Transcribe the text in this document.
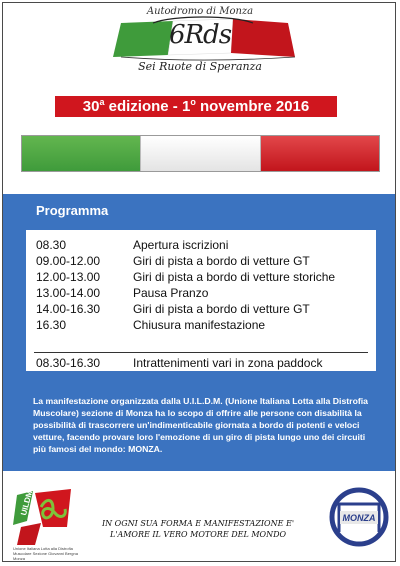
Autodromo di Monza
6Rds
Sei Ruote di Speranza
30$^a$ edizione - 1$^o$ novembre 2016
Programma
08.30	Apertura iscrizioni
09.00-12.00	Giri di pista a bordo di vetture GT
12.00-13.00	Giri di pista a bordo di vetture storiche
13.00-14.00	Pausa Pranzo
14.00-16.30	Giri di pista a bordo di vetture GT
16.30	Chiusura manifestazione
08.30-16.30	Intrattenimenti vari in zona paddock
La manifestazione organizzata dalla U.I.L.D.M. (Unione Italiana Lotta alla Distrofia Muscolare) sezione di Monza ha lo scopo di offrire alle persone con disabilità la possibilità di trascorrere un'indimenticabile giornata a bordo di potenti e veloci vetture, facendo provare loro l'emozione di un giro di pista lungo uno dei circuiti più famosi del mondo: MONZA.
UILDM
Unione Italiana Lotta alla Distrofia Muscolare Sezione Giovanni Bergna Monza
IN OGNI SUA FORMA E MANIFESTAZIONE E'
L'AMORE IL VERO MOTORE DEL MONDO
MONZA
